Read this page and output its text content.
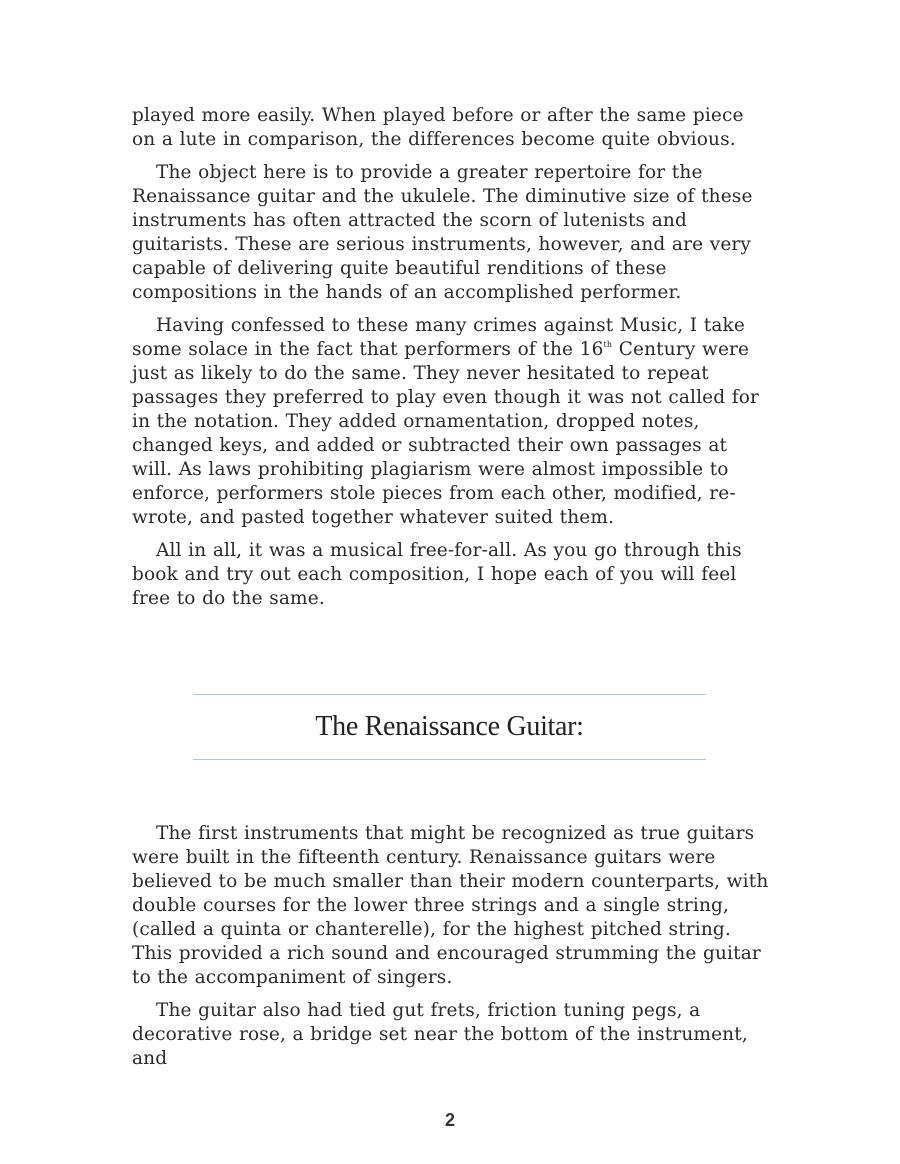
played more easily. When played before or after the same piece on a lute in comparison, the differences become quite obvious.

The object here is to provide a greater repertoire for the Renaissance guitar and the ukulele. The diminutive size of these instruments has often attracted the scorn of lutenists and guitarists. These are serious instruments, however, and are very capable of delivering quite beautiful renditions of these compositions in the hands of an accomplished performer.

Having confessed to these many crimes against Music, I take some solace in the fact that performers of the 16th Century were just as likely to do the same. They never hesitated to repeat passages they preferred to play even though it was not called for in the notation. They added ornamentation, dropped notes, changed keys, and added or subtracted their own passages at will. As laws prohibiting plagiarism were almost impossible to enforce, performers stole pieces from each other, modified, re-wrote, and pasted together whatever suited them.

All in all, it was a musical free-for-all. As you go through this book and try out each composition, I hope each of you will feel free to do the same.

The Renaissance Guitar:

The first instruments that might be recognized as true guitars were built in the fifteenth century. Renaissance guitars were believed to be much smaller than their modern counterparts, with double courses for the lower three strings and a single string, (called a quinta or chanterelle), for the highest pitched string. This provided a rich sound and encouraged strumming the guitar to the accompaniment of singers.

The guitar also had tied gut frets, friction tuning pegs, a decorative rose, a bridge set near the bottom of the instrument, and

2
